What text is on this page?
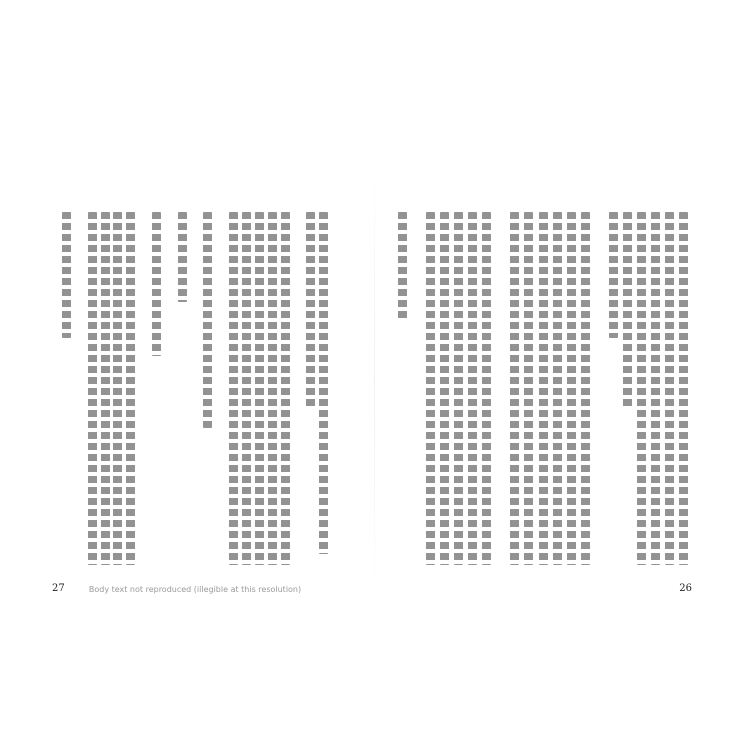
Body text not reproduced (illegible at this resolution)
27	26
